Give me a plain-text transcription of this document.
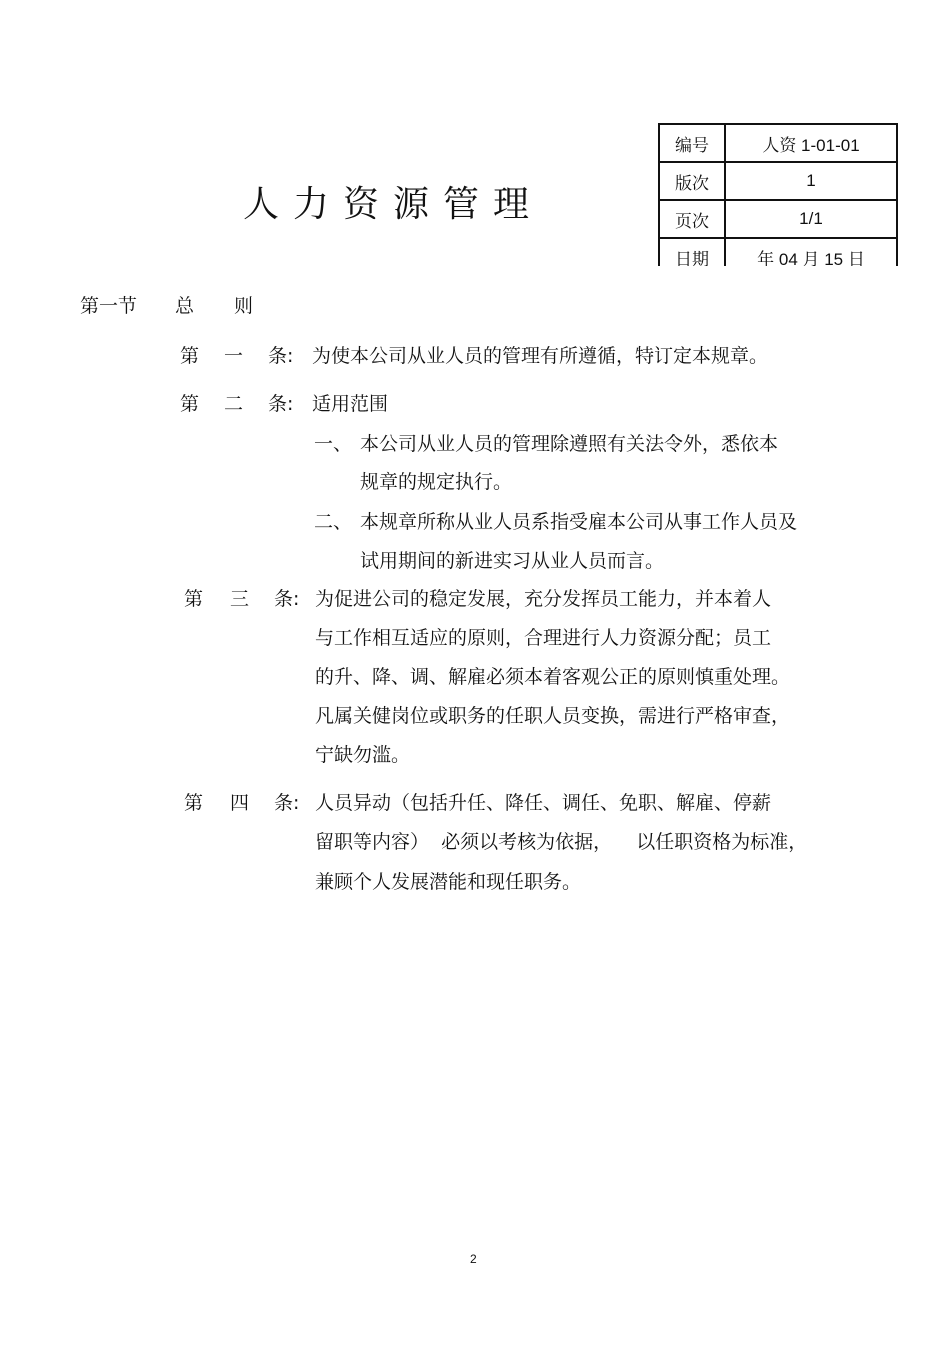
人力资源管理
编号	人资 1-01-01
版次	1
页次	1/1
日期	年 04 月 15 日
第一节 总 则
第 一 条: 为使本公司从业人员的管理有所遵循，特订定本规章。
第 二 条: 适用范围
一、 本公司从业人员的管理除遵照有关法令外，悉依本
规章的规定执行。
二、 本规章所称从业人员系指受雇本公司从事工作人员及
试用期间的新进实习从业人员而言。
第 三 条: 为促进公司的稳定发展，充分发挥员工能力，并本着人
与工作相互适应的原则，合理进行人力资源分配；员工
的升、降、调、解雇必须本着客观公正的原则慎重处理。
凡属关健岗位或职务的任职人员变换，需进行严格审查，
宁缺勿滥。
第 四 条: 人员异动（包括升任、降任、调任、免职、解雇、停薪
留职等内容）  必须以考核为依据，    以任职资格为标准，
兼顾个人发展潜能和现任职务。
2
